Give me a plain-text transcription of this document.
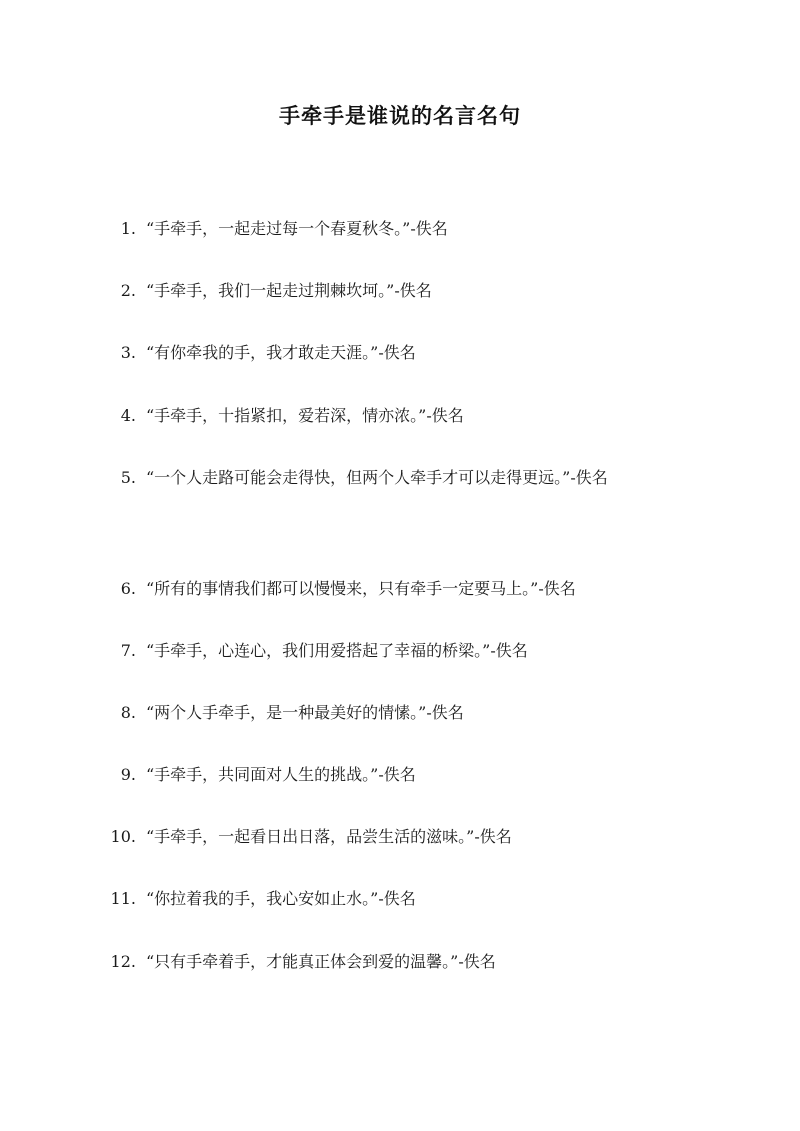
手牵手是谁说的名言名句
1. “手牵手，一起走过每一个春夏秋冬。”-佚名
2. “手牵手，我们一起走过荆棘坎坷。”-佚名
3. “有你牵我的手，我才敢走天涯。”-佚名
4. “手牵手，十指紧扣，爱若深，情亦浓。”-佚名
5. “一个人走路可能会走得快，但两个人牵手才可以走得更远。”-佚名
6. “所有的事情我们都可以慢慢来，只有牵手一定要马上。”-佚名
7. “手牵手，心连心，我们用爱搭起了幸福的桥梁。”-佚名
8. “两个人手牵手，是一种最美好的情愫。”-佚名
9. “手牵手，共同面对人生的挑战。”-佚名
10. “手牵手，一起看日出日落，品尝生活的滋味。”-佚名
11. “你拉着我的手，我心安如止水。”-佚名
12. “只有手牵着手，才能真正体会到爱的温馨。”-佚名
